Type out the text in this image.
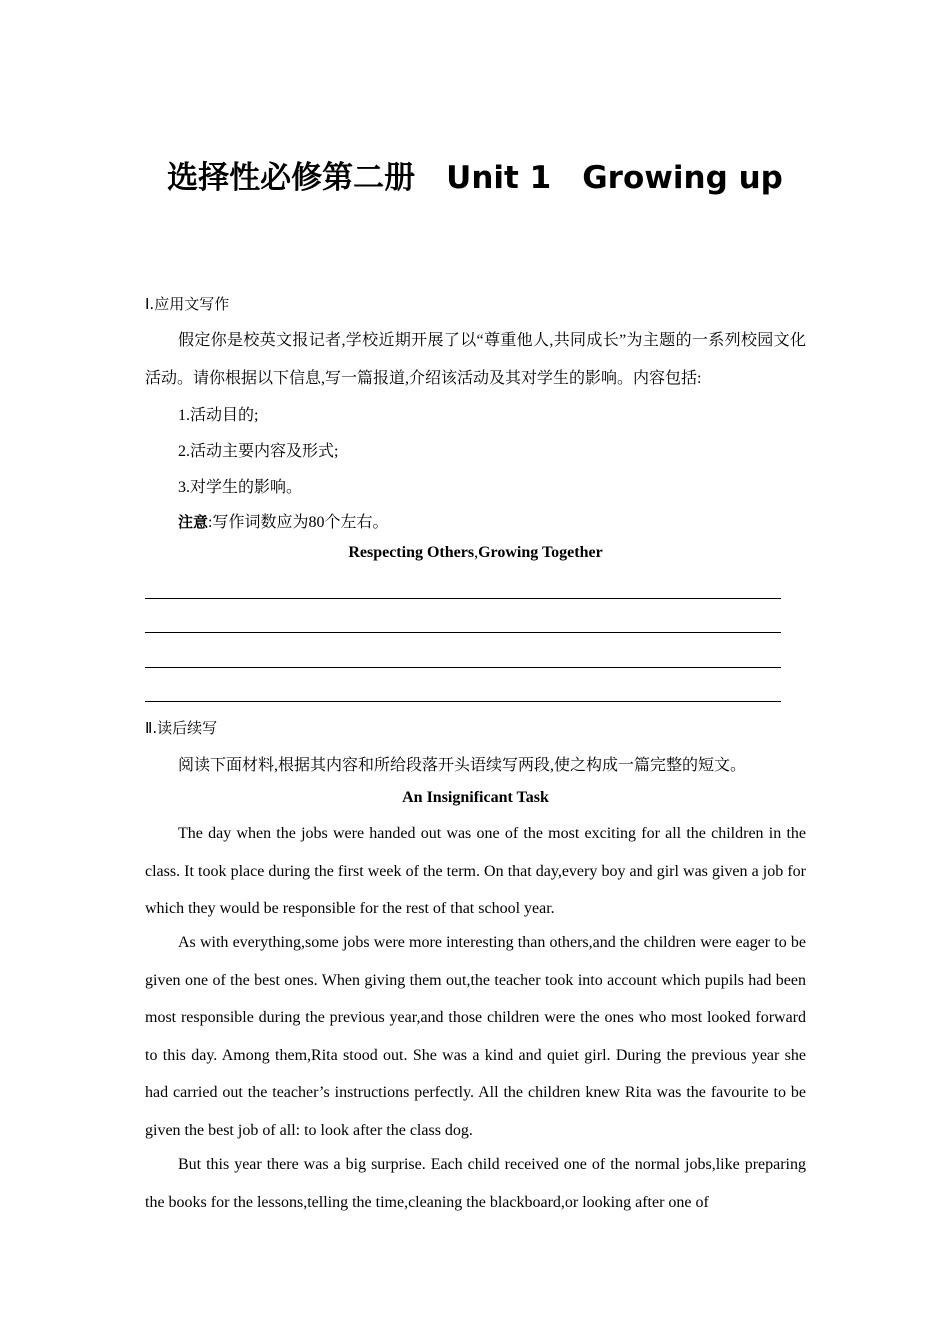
选择性必修第二册　Unit 1　Growing up
Ⅰ.应用文写作
假定你是校英文报记者,学校近期开展了以“尊重他人,共同成长”为主题的一系列校园文化活动。请你根据以下信息,写一篇报道,介绍该活动及其对学生的影响。内容包括:
1.活动目的;
2.活动主要内容及形式;
3.对学生的影响。
注意:写作词数应为80个左右。
Respecting Others,Growing Together
Ⅱ.读后续写
阅读下面材料,根据其内容和所给段落开头语续写两段,使之构成一篇完整的短文。
An Insignificant Task
The day when the jobs were handed out was one of the most exciting for all the children in the class. It took place during the first week of the term. On that day,every boy and girl was given a job for which they would be responsible for the rest of that school year.
As with everything,some jobs were more interesting than others,and the children were eager to be given one of the best ones. When giving them out,the teacher took into account which pupils had been most responsible during the previous year,and those children were the ones who most looked forward to this day. Among them,Rita stood out. She was a kind and quiet girl. During the previous year she had carried out the teacher’s instructions perfectly. All the children knew Rita was the favourite to be given the best job of all: to look after the class dog.
But this year there was a big surprise. Each child received one of the normal jobs,like preparing the books for the lessons,telling the time,cleaning the blackboard,or looking after one of
